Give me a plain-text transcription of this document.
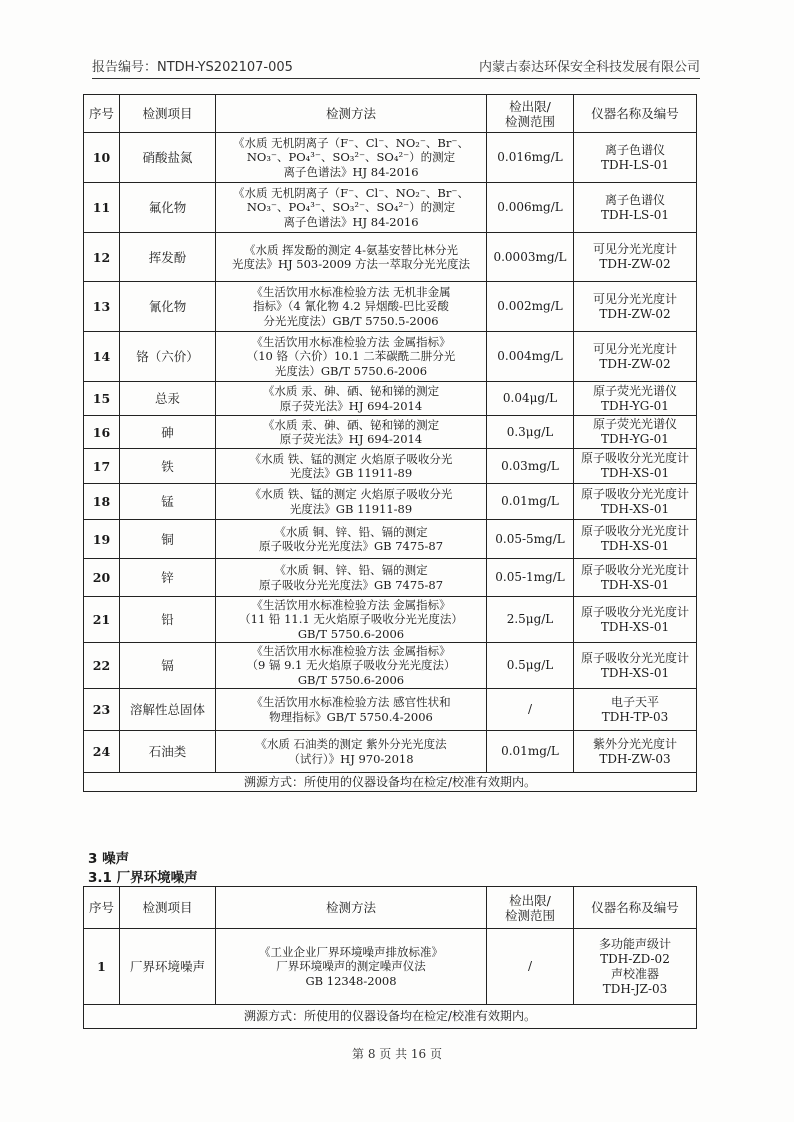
报告编号：NTDH-YS202107-005	内蒙古泰达环保安全科技发展有限公司
序号	检测项目	检测方法	检出限/
检测范围	仪器名称及编号
10	硝酸盐氮	《水质 无机阴离子（F⁻、Cl⁻、NO₂⁻、Br⁻、
NO₃⁻、PO₄³⁻、SO₃²⁻、SO₄²⁻）的测定
离子色谱法》HJ 84-2016	0.016mg/L	离子色谱仪
TDH-LS-01
11	氟化物	《水质 无机阴离子（F⁻、Cl⁻、NO₂⁻、Br⁻、
NO₃⁻、PO₄³⁻、SO₃²⁻、SO₄²⁻）的测定
离子色谱法》HJ 84-2016	0.006mg/L	离子色谱仪
TDH-LS-01
12	挥发酚	《水质 挥发酚的测定 4-氨基安替比林分光
光度法》HJ 503-2009 方法一萃取分光光度法	0.0003mg/L	可见分光光度计
TDH-ZW-02
13	氰化物	《生活饮用水标准检验方法 无机非金属
指标》（4 氰化物 4.2 异烟酸-巴比妥酸
分光光度法）GB/T 5750.5-2006	0.002mg/L	可见分光光度计
TDH-ZW-02
14	铬（六价）	《生活饮用水标准检验方法 金属指标》
（10 铬（六价）10.1 二苯碳酰二肼分光
光度法）GB/T 5750.6-2006	0.004mg/L	可见分光光度计
TDH-ZW-02
15	总汞	《水质 汞、砷、硒、铋和锑的测定
原子荧光法》HJ 694-2014	0.04μg/L	原子荧光光谱仪
TDH-YG-01
16	砷	《水质 汞、砷、硒、铋和锑的测定
原子荧光法》HJ 694-2014	0.3μg/L	原子荧光光谱仪
TDH-YG-01
17	铁	《水质 铁、锰的测定 火焰原子吸收分光
光度法》GB 11911-89	0.03mg/L	原子吸收分光光度计
TDH-XS-01
18	锰	《水质 铁、锰的测定 火焰原子吸收分光
光度法》GB 11911-89	0.01mg/L	原子吸收分光光度计
TDH-XS-01
19	铜	《水质 铜、锌、铅、镉的测定
原子吸收分光光度法》GB 7475-87	0.05-5mg/L	原子吸收分光光度计
TDH-XS-01
20	锌	《水质 铜、锌、铅、镉的测定
原子吸收分光光度法》GB 7475-87	0.05-1mg/L	原子吸收分光光度计
TDH-XS-01
21	铅	《生活饮用水标准检验方法 金属指标》
（11 铅 11.1 无火焰原子吸收分光光度法）
GB/T 5750.6-2006	2.5μg/L	原子吸收分光光度计
TDH-XS-01
22	镉	《生活饮用水标准检验方法 金属指标》
（9 镉 9.1 无火焰原子吸收分光光度法）
GB/T 5750.6-2006	0.5μg/L	原子吸收分光光度计
TDH-XS-01
23	溶解性总固体	《生活饮用水标准检验方法 感官性状和
物理指标》GB/T 5750.4-2006	/	电子天平
TDH-TP-03
24	石油类	《水质 石油类的测定 紫外分光光度法
（试行）》HJ 970-2018	0.01mg/L	紫外分光光度计
TDH-ZW-03
溯源方式：所使用的仪器设备均在检定/校准有效期内。				
3 噪声
3.1 厂界环境噪声
序号	检测项目	检测方法	检出限/
检测范围	仪器名称及编号
1	厂界环境噪声	《工业企业厂界环境噪声排放标准》
厂界环境噪声的测定噪声仪法
GB 12348-2008	/	多功能声级计
TDH-ZD-02
声校准器
TDH-JZ-03
溯源方式：所使用的仪器设备均在检定/校准有效期内。				
第 8 页 共 16 页
